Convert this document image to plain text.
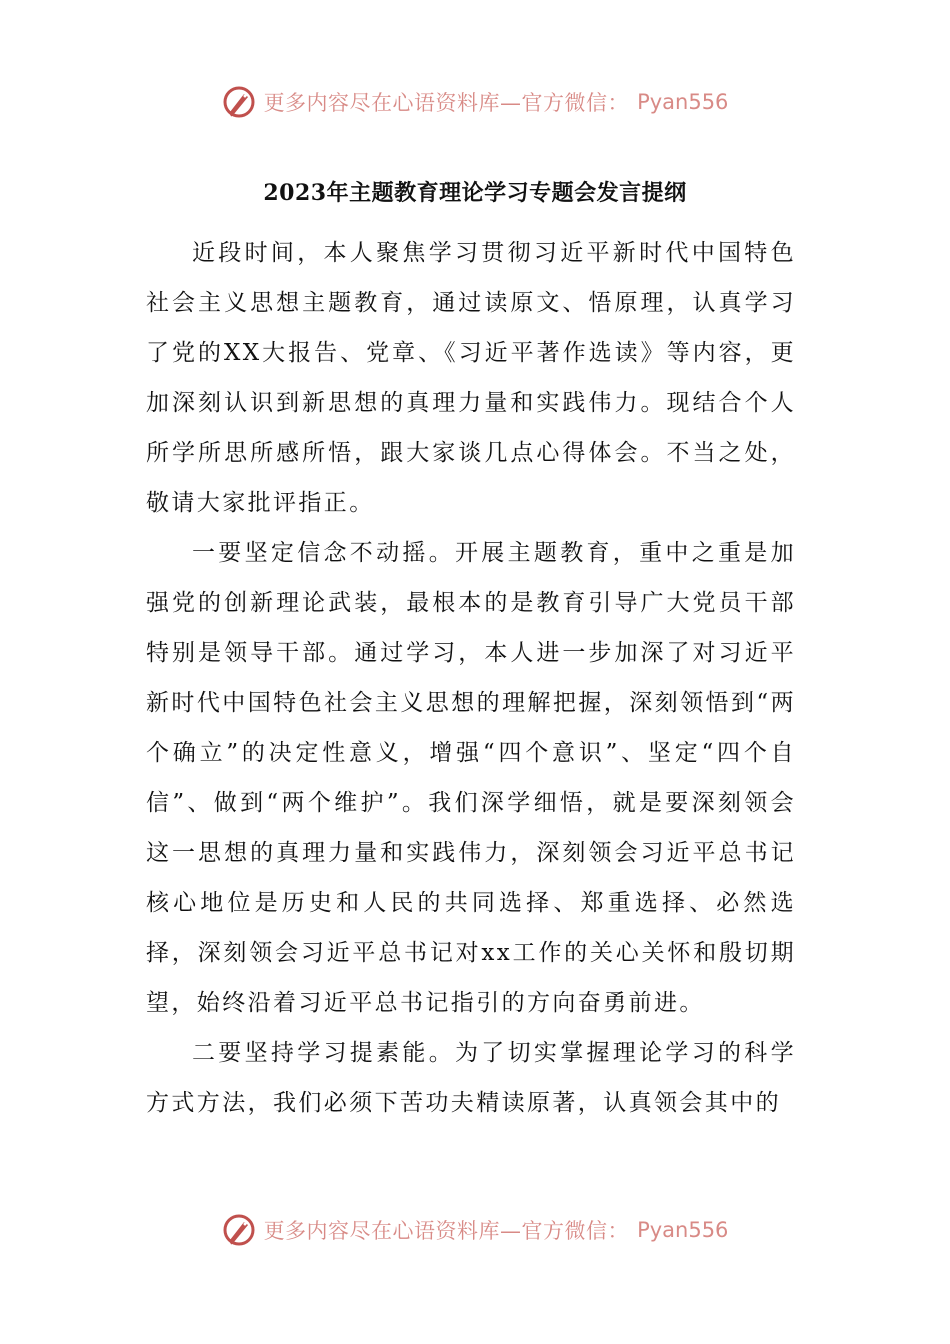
更多内容尽在心语资料库—官方微信： Pyan556
2023年主题教育理论学习专题会发言提纲

近段时间，本人聚焦学习贯彻习近平新时代中国特色社会主义思想主题教育，通过读原文、悟原理，认真学习了党的XX大报告、党章、《习近平著作选读》等内容，更加深刻认识到新思想的真理力量和实践伟力。现结合个人所学所思所感所悟，跟大家谈几点心得体会。不当之处，敬请大家批评指正。

一要坚定信念不动摇。开展主题教育，重中之重是加强党的创新理论武装，最根本的是教育引导广大党员干部特别是领导干部。通过学习，本人进一步加深了对习近平新时代中国特色社会主义思想的理解把握，深刻领悟到“两个确立”的决定性意义，增强“四个意识”、坚定“四个自信”、做到“两个维护”。我们深学细悟，就是要深刻领会这一思想的真理力量和实践伟力，深刻领会习近平总书记核心地位是历史和人民的共同选择、郑重选择、必然选择，深刻领会习近平总书记对xx工作的关心关怀和殷切期望，始终沿着习近平总书记指引的方向奋勇前进。

二要坚持学习提素能。为了切实掌握理论学习的科学方式方法，我们必须下苦功夫精读原著，认真领会其中的

更多内容尽在心语资料库—官方微信： Pyan556
